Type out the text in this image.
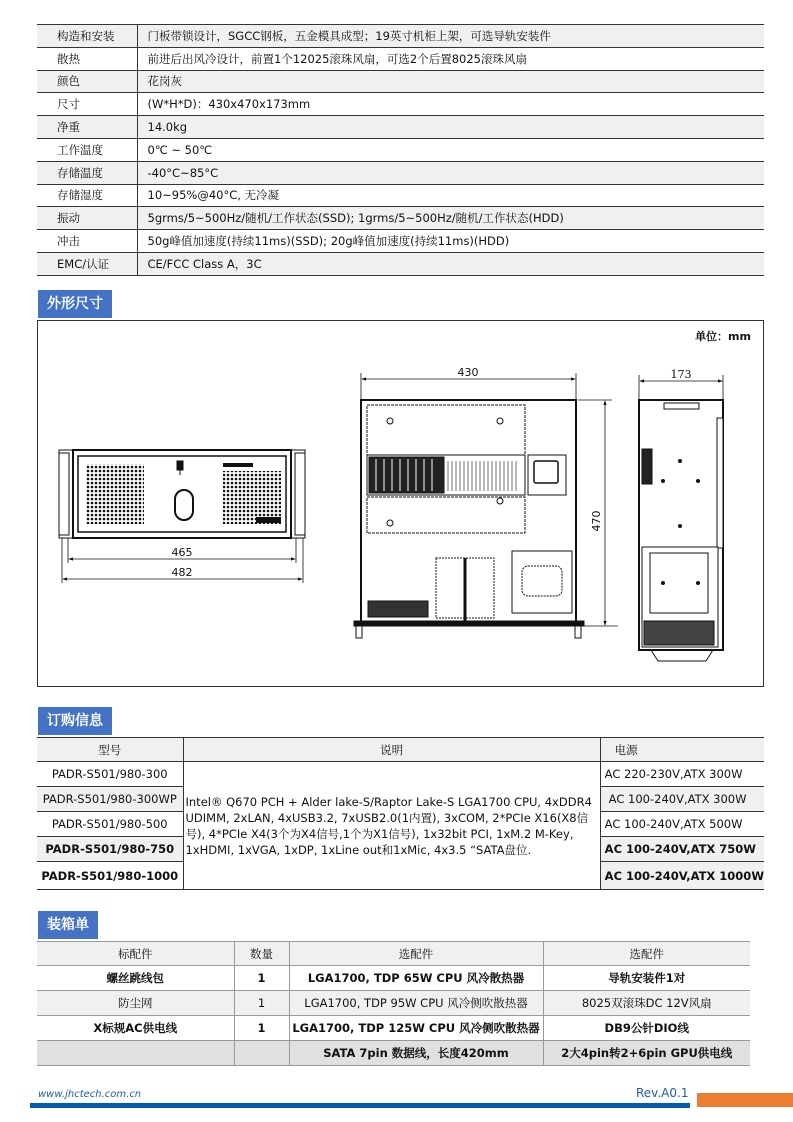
构造和安装	门板带锁设计，SGCC钢板，五金模具成型；19英寸机柜上架，可选导轨安装件
散热	前进后出风冷设计，前置1个12025滚珠风扇，可选2个后置8025滚珠风扇
颜色	花岗灰
尺寸	(W*H*D)：430x470x173mm
净重	14.0kg
工作温度	0℃ ~ 50℃
存储温度	-40°C~85°C
存储湿度	10~95%@40°C, 无冷凝
振动	5grms/5~500Hz/随机/工作状态(SSD); 1grms/5~500Hz/随机/工作状态(HDD)
冲击	50g峰值加速度(持续11ms)(SSD); 20g峰值加速度(持续11ms)(HDD)
EMC/认证	CE/FCC Class A，3C
外形尺寸
单位：mm
465
482
430	173
470
订购信息
型号	说明	电源
PADR-S501/980-300	Intel® Q670 PCH + Alder lake-S/Raptor Lake-S LGA1700 CPU, 4xDDR4 UDIMM, 2xLAN, 4xUSB3.2, 7xUSB2.0(1内置), 3xCOM, 2*PCIe X16(X8信号), 4*PCIe X4(3个为X4信号,1个为X1信号), 1x32bit PCI, 1xM.2 M-Key, 1xHDMI, 1xVGA, 1xDP, 1xLine out和1xMic, 4x3.5 “SATA盘位.	AC 220-230V,ATX 300W
PADR-S501/980-300WP		AC 100-240V,ATX 300W
PADR-S501/980-500		AC 100-240V,ATX 500W
PADR-S501/980-750		AC 100-240V,ATX 750W
PADR-S501/980-1000		AC 100-240V,ATX 1000W
装箱单
标配件	数量	选配件	选配件
螺丝跳线包	1	LGA1700, TDP 65W CPU 风冷散热器	导轨安装件1对
防尘网	1	LGA1700, TDP 95W CPU 风冷侧吹散热器	8025双滚珠DC 12V风扇
X标规AC供电线	1	LGA1700, TDP 125W CPU 风冷侧吹散热器	DB9公针DIO线
		SATA 7pin 数据线，长度420mm	2大4pin转2+6pin GPU供电线
www.jhctech.com.cn	Rev.A0.1
